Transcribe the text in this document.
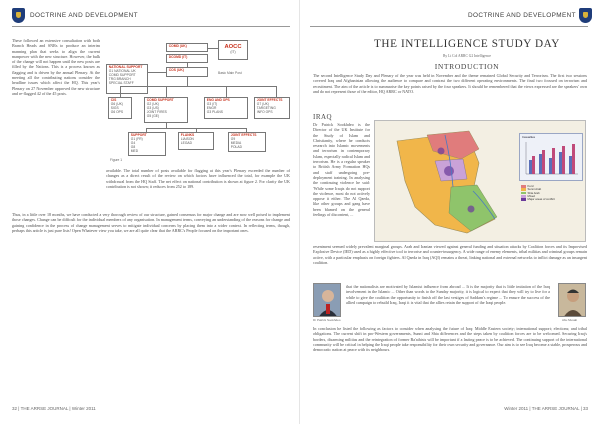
DOCTRINE AND DEVELOPMENT
These followed an extensive consultation with both Branch Heads and SNRs to produce an interim manning plan that seeks to align the current manpower with the new structure. However, the bulk of the change will not happen until the new posts are filled by the Nations. This is a process known as flagging and is driven by the annual Plenary. At the meeting all the contributing nations consider the headline issues which affect the HQ. This year's Plenary on 27 November approved the new structure and re-flagged 42 of the 45 posts.
COMD (UK)
DCOMD (IT)
AOCC
(IT)
COS (UK)
Basic Main Post
NATIONAL SUPPORT
G1 NATIONAL UK
COMD SUPPORT
TRG BRANCH
SPECIAL STAFF
CIS
G6 (UK)
SIGS
G6 OPS
COMD SUPPORT
G2 (UK)
G3 (US)
JOINT FIRES
G5 (GE)
ENG AND OPS
G3 (IT)
ENGR
G3 PLANS
JOINT EFFECTS
G7 (UK)
TARGETING
INFO OPS
SUPPORT
G1 (FR)
G4
G8
MED
FLANKS
LIAISON
LEGAD
JOINT EFFECTS
G9
MEDIA
POLAD
Figure 1
available. The total number of posts available for flagging at this year's Plenary exceeded the number of changes as a direct result of the review on which factors have influenced the total, for example the UK withdrawal from the HQ Staff. The net effect on national contribution is shown at figure 2. For clarity the UK contribution is not shown; it reduces from 252 to 189.
Thus, in a little over 18 months, we have conducted a very thorough review of our structure, gained consensus for major change and are now well poised to implement those changes. Change can be difficult for the individual members of any organisation. In management terms, conveying an understanding of the reasons for change and gaining confidence in the process of change management serves to mitigate individual concerns by placing them into a wider context. In reflecting terms, though, perhaps this article is just pure lists! Open Whatever view you take, we are all quite clear that the ARRC's People focused on the important ones.
32 | THE ARRSE JOURNAL | Winter 2011
DOCTRINE AND DEVELOPMENT
THE INTELLIGENCE STUDY DAY
By Lt Col ARRC G2 Intelligence
INTRODUCTION
The second Intelligence Study Day and Plenary of the year was held in November and the theme remained Global Security and Terrorism. The first two sessions covered Iraq and Afghanistan allowing the audience to compare and contrast the two different operating environments. The final two focused on terrorism and recruitment. The aim of the article is to summarise the key points raised by the four speakers. It should be remembered that the views expressed are the speakers' own and do not represent those of the editor, HQ ARRC or NATO.
IRAQ
Dr Patrick Sookhdeo is the Director of the UK Institute for the Study of Islam and Christianity, where he conducts research into Islamic movements and terrorism in contemporary Islam, especially radical Islam and terrorism. He is a regular speaker to British Army Formation HQs and staff undergoing pre-deployment training. In analysing the continuing violence he said: 'While some Iraqis do not support the violence, most do not actively oppose it either. The Al Qaeda, like other groups and gang have been blamed on the general feelings of discontent, ...
Casualties
Kurd
Sunni Arab
Shia Arab
Mixed
Major areas of conflict
resentment seemed widely prevalent marginal groups. Arab and Iranian viewed against general funding and situation attacks by Coalition forces and its Improvised Explosive Device (IED) used as a highly effective tool to terrorise and counter-insurgency. A wide range of enemy elements, tribal militias and criminal groups remain active, with a particular emphasis on foreign fighters. Al Qaeda in Iraq (AQI) remains a threat, linking national and external networks to inflict damage as an insurgent coalition.
Dr Patrick Sookhdeo
that the nationalists are motivated by Islamist influence from abroad ... It is the majority that is little imitation of the Iraq involvement in the Islamic ... Other than words to the Sunday majority, it is logical to expect that they will try to live for a while to give the coalition the opportunity to finish off the last vestiges of Saddam's regime ... To ensure the success of the allied campaign to rebuild Iraq, Iraqi it is vital that the allies retain the support of the Iraqi people.
Abu Musab
In conclusion he listed the following as factors to consider when analysing the future of Iraq: Middle Eastern society; international support; elections; and tribal obligations. The current shift in pro-Western governments, Sunni and Shia differences and the steps taken by coalition forces are to be welcomed. Securing Iraq's borders, disarming militias and the reintegration of former Ba'athists will be important if a lasting peace is to be achieved. The continuing support of the international community will be critical in helping the Iraqi people take responsibility for their own security and governance. Our aim is to see Iraq become a stable, prosperous and democratic nation at peace with its neighbours.
Winter 2011 | THE ARRSE JOURNAL | 33
